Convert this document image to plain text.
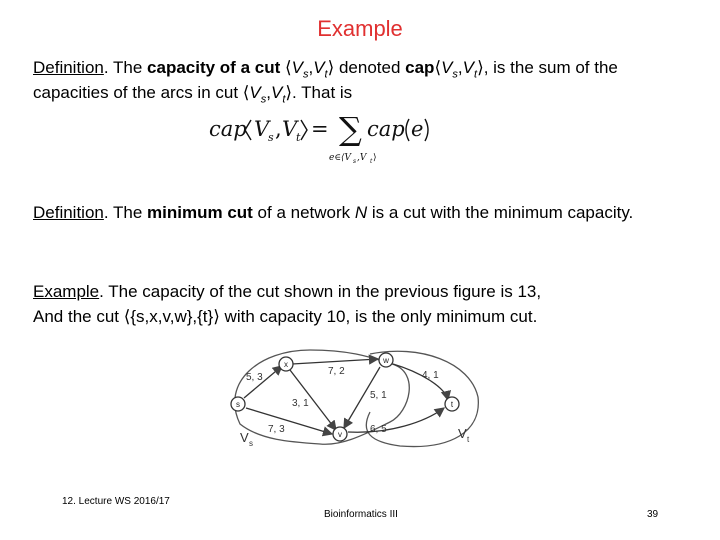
Example
Definition. The capacity of a cut $⟨V_s,V_t⟩$ denoted $cap⟨V_s,V_t⟩$, is the sum of the
capacities of the arcs in cut $⟨V_s,V_t⟩$. That is
cap V
s , V
t = ∑
e∈⟨V s ,V t ⟩
cap e
Definition. The minimum cut of a network N is a cut with the minimum capacity.
Example. The capacity of the cut shown in the previous figure is 13,
And the cut ⟨{s,x,v,w},{t}⟩ with capacity 10, is the only minimum cut.
s
x	w
v
t
5, 3
7, 2	4, 1
3, 1
5, 1
7, 3	6, 5
V s
V t
12. Lecture WS 2016/17
Bioinformatics III	39
